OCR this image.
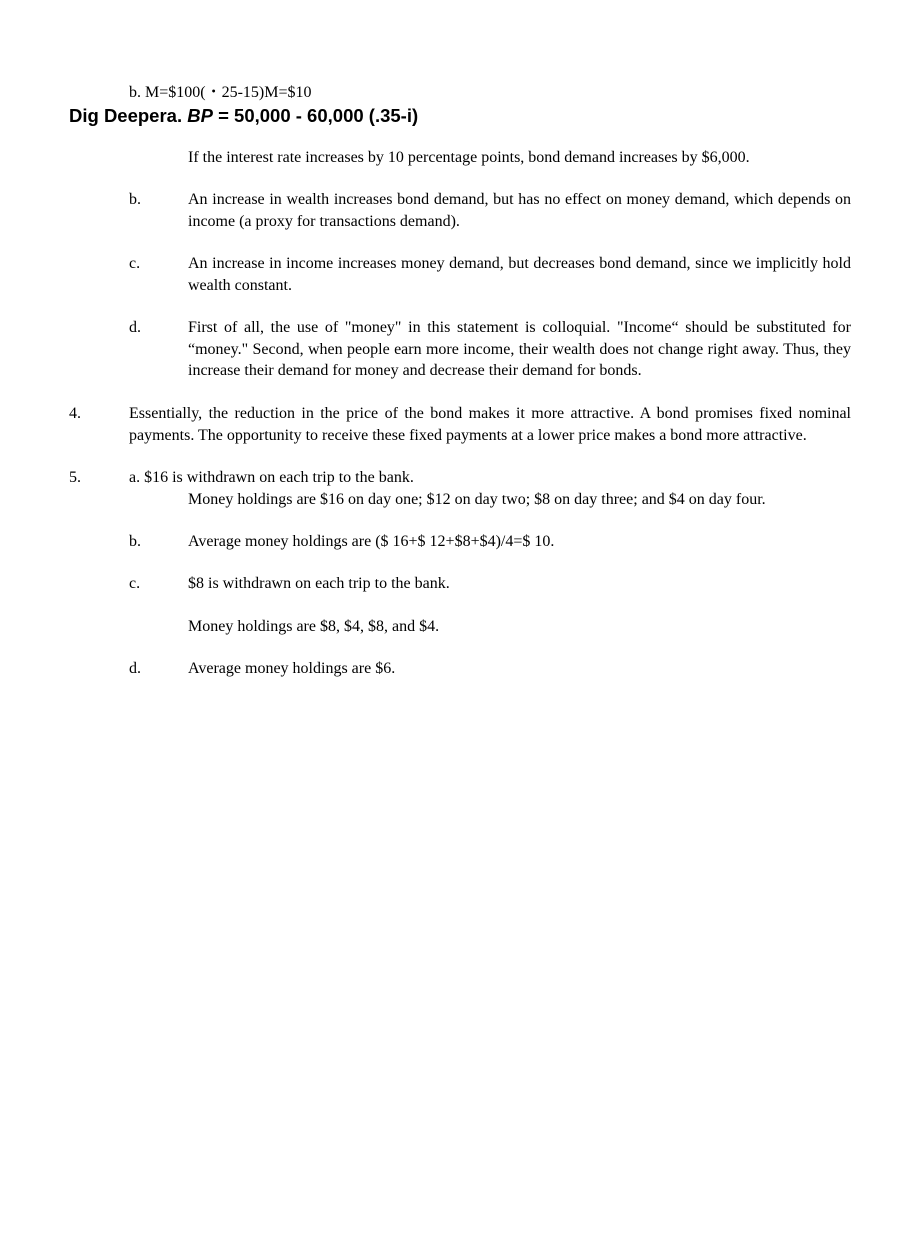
b. M=$100(・25-15)M=$10
Dig Deepera. BP = 50,000 - 60,000 (.35-i)
If the interest rate increases by 10 percentage points, bond demand increases by $6,000.
b.	An increase in wealth increases bond demand, but has no effect on money demand, which depends on income (a proxy for transactions demand).
c.	An increase in income increases money demand, but decreases bond demand, since we implicitly hold wealth constant.
d.	First of all, the use of "money" in this statement is colloquial. "Income“ should be substituted for “money." Second, when people earn more income, their wealth does not change right away. Thus, they increase their demand for money and decrease their demand for bonds.
4.	Essentially, the reduction in the price of the bond makes it more attractive. A bond promises fixed nominal payments. The opportunity to receive these fixed payments at a lower price makes a bond more attractive.
5.	a. $16 is withdrawn on each trip to the bank.
Money holdings are $16 on day one; $12 on day two; $8 on day three; and $4 on day four.
b.	Average money holdings are ($ 16+$ 12+$8+$4)/4=$ 10.
c.	$8 is withdrawn on each trip to the bank.
Money holdings are $8, $4, $8, and $4.
d.	Average money holdings are $6.
